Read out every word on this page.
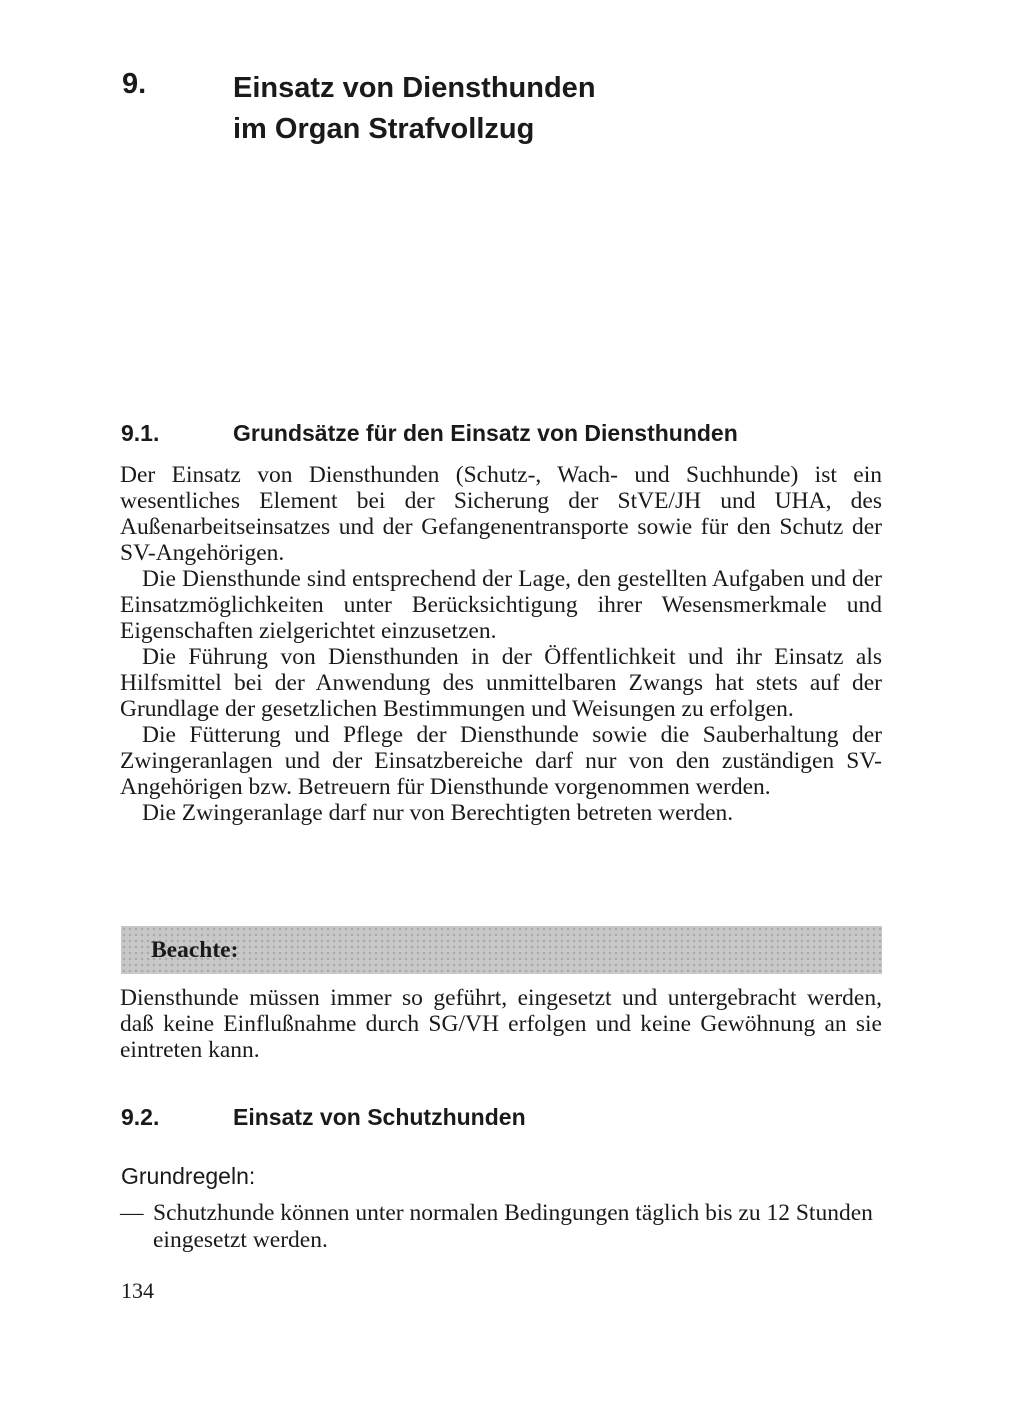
9.	Einsatz von Diensthunden
im Organ Strafvollzug
9.1.	Grundsätze für den Einsatz von Diensthunden

Der Einsatz von Diensthunden (Schutz-, Wach- und Suchhunde) ist ein wesentliches Element bei der Sicherung der StVE/JH und UHA, des Außenarbeitseinsatzes und der Gefangenentransporte sowie für den Schutz der SV-Angehörigen.

Die Diensthunde sind entsprechend der Lage, den gestellten Aufgaben und der Einsatzmöglichkeiten unter Berücksichtigung ihrer Wesensmerkmale und Eigenschaften zielgerichtet einzusetzen.

Die Führung von Diensthunden in der Öffentlichkeit und ihr Einsatz als Hilfsmittel bei der Anwendung des unmittelbaren Zwangs hat stets auf der Grundlage der gesetzlichen Bestimmungen und Weisungen zu erfolgen.

Die Fütterung und Pflege der Diensthunde sowie die Sauberhaltung der Zwingeranlagen und der Einsatzbereiche darf nur von den zuständigen SV-Angehörigen bzw. Betreuern für Diensthunde vorgenommen werden.

Die Zwingeranlage darf nur von Berechtigten betreten werden.

Beachte:

Diensthunde müssen immer so geführt, eingesetzt und untergebracht werden, daß keine Einflußnahme durch SG/VH erfolgen und keine Gewöhnung an sie eintreten kann.

9.2.	Einsatz von Schutzhunden
Grundregeln:
— Schutzhunde können unter normalen Bedingungen täglich bis zu 12 Stunden eingesetzt werden.
134
